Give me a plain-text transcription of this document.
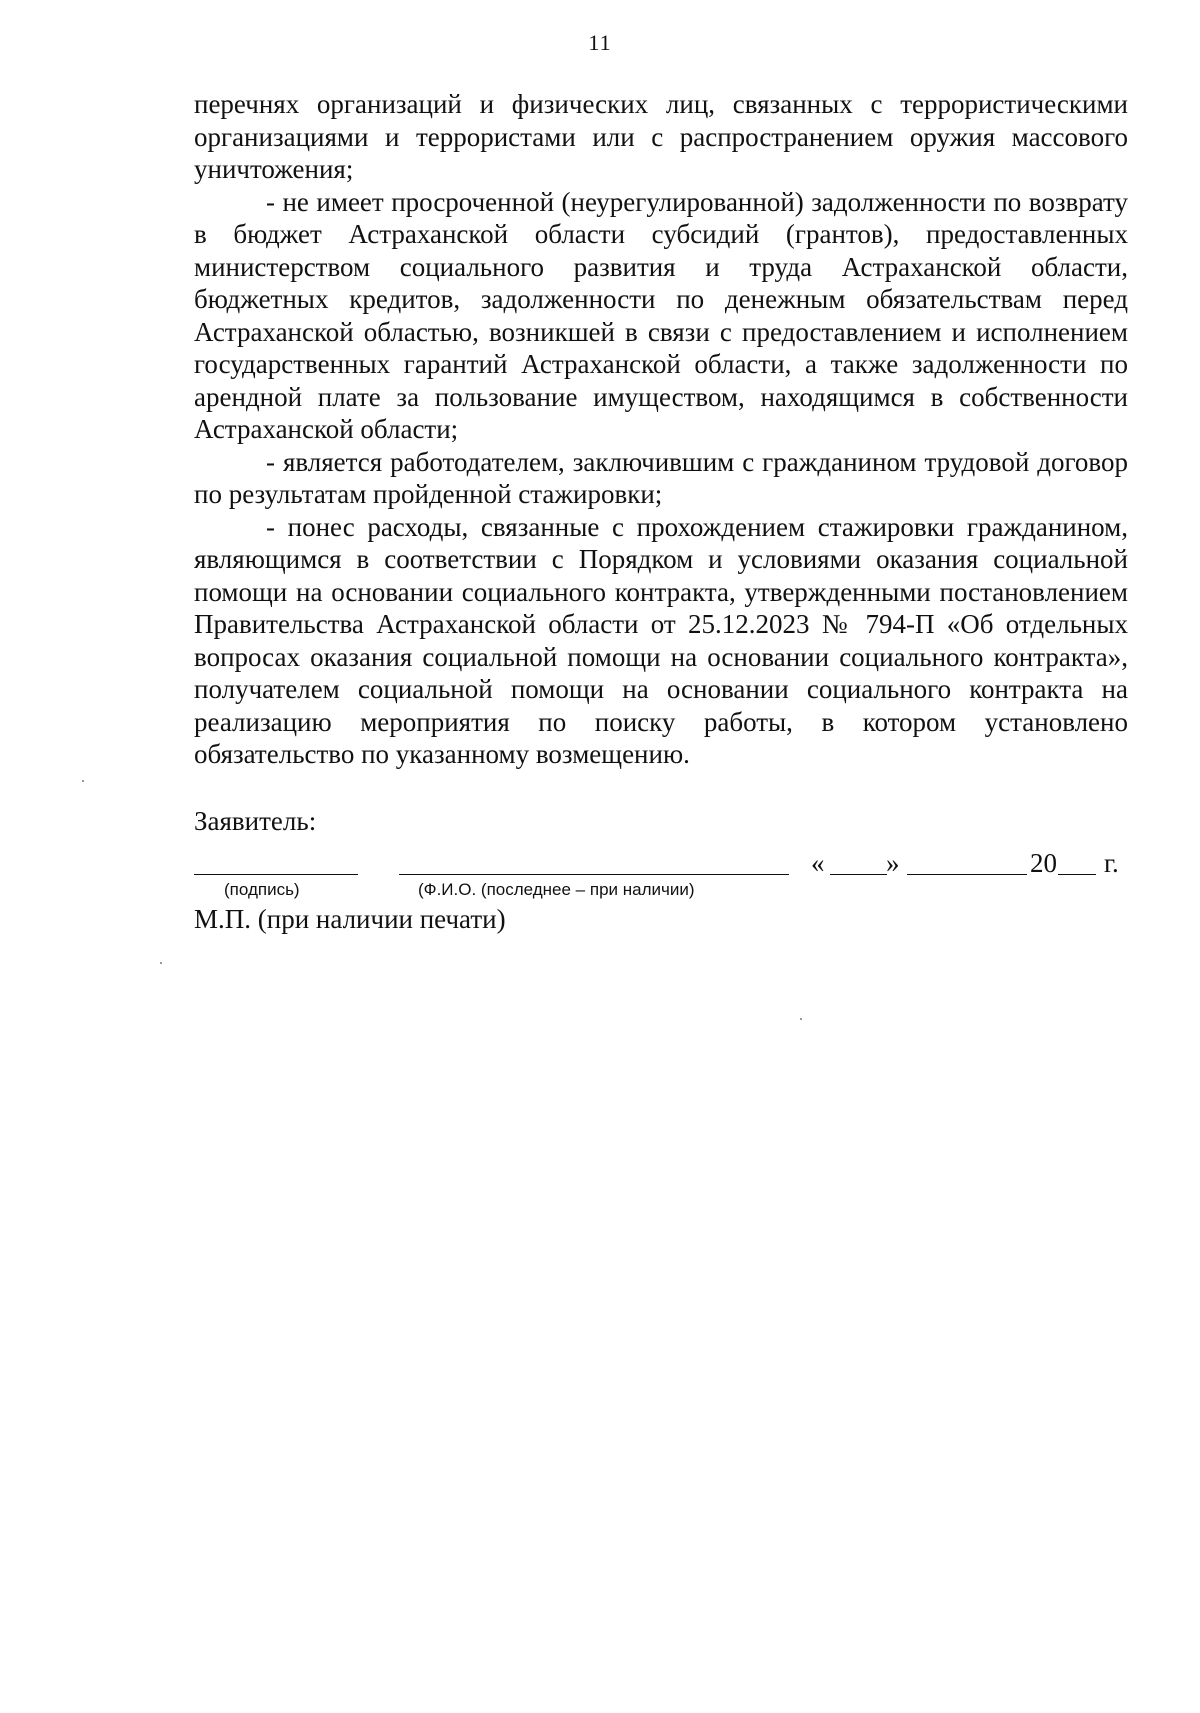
11

перечнях организаций и физических лиц, связанных с террористическими организациями и террористами или с распространением оружия массового уничтожения;

- не имеет просроченной (неурегулированной) задолженности по возврату в бюджет Астраханской области субсидий (грантов), предоставленных министерством социального развития и труда Астраханской области, бюджетных кредитов, задолженности по денежным обязательствам перед Астраханской областью, возникшей в связи с предоставлением и исполнением государственных гарантий Астраханской области, а также задолженности по арендной плате за пользование имуществом, находящимся в собственности Астраханской области;

- является работодателем, заключившим с гражданином трудовой договор по результатам пройденной стажировки;

- понес расходы, связанные с прохождением стажировки гражданином, являющимся в соответствии с Порядком и условиями оказания социальной помощи на основании социального контракта, утвержденными постановлением Правительства Астраханской области от 25.12.2023 № 794-П «Об отдельных вопросах оказания социальной помощи на основании социального контракта», получателем социальной помощи на основании социального контракта на реализацию мероприятия по поиску работы, в котором установлено обязательство по указанному возмещению.

Заявитель:
« »	20 г.
(подпись)	(Ф.И.О. (последнее – при наличии)
М.П. (при наличии печати)
